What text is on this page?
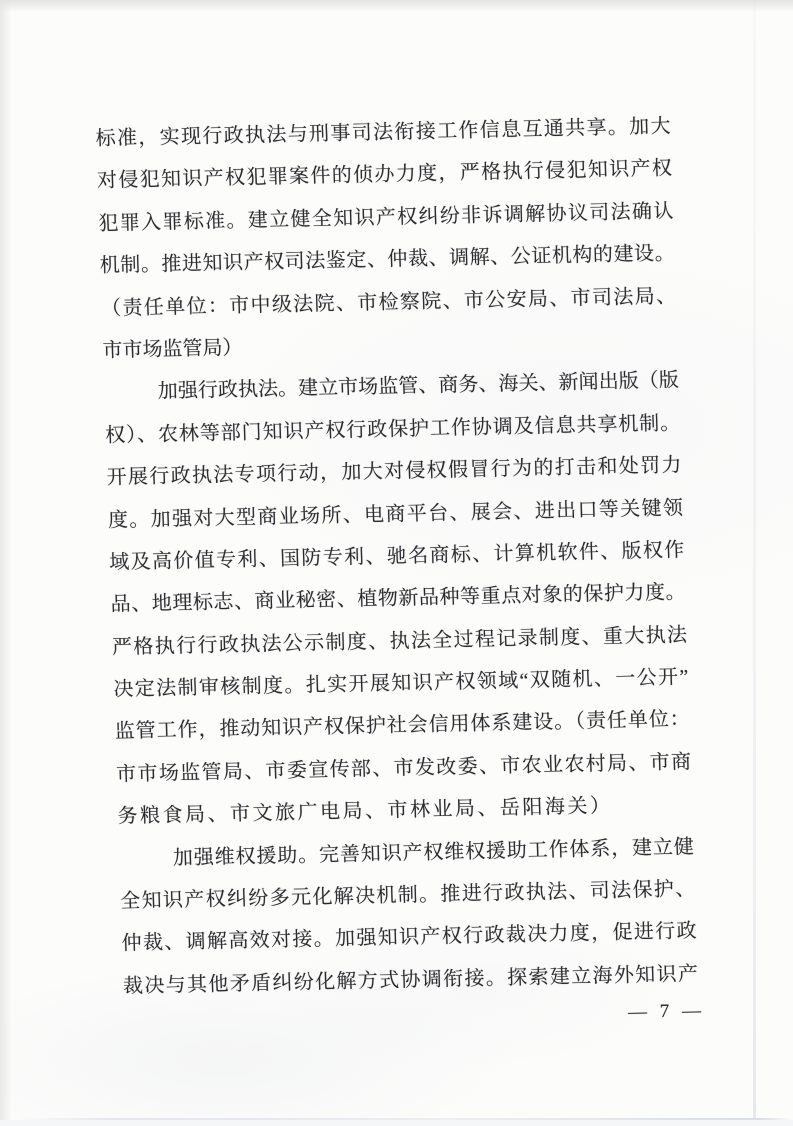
标准，实现行政执法与刑事司法衔接工作信息互通共享。加大
对侵犯知识产权犯罪案件的侦办力度，严格执行侵犯知识产权
犯罪入罪标准。建立健全知识产权纠纷非诉调解协议司法确认
机制。推进知识产权司法鉴定、仲裁、调解、公证机构的建设。
（责任单位：市中级法院、市检察院、市公安局、市司法局、
市市场监管局）
加强行政执法。建立市场监管、商务、海关、新闻出版（版
权）、农林等部门知识产权行政保护工作协调及信息共享机制。
开展行政执法专项行动，加大对侵权假冒行为的打击和处罚力
度。加强对大型商业场所、电商平台、展会、进出口等关键领
域及高价值专利、国防专利、驰名商标、计算机软件、版权作
品、地理标志、商业秘密、植物新品种等重点对象的保护力度。
严格执行行政执法公示制度、执法全过程记录制度、重大执法
决定法制审核制度。扎实开展知识产权领域“双随机、一公开”
监管工作，推动知识产权保护社会信用体系建设。（责任单位：
市市场监管局、市委宣传部、市发改委、市农业农村局、市商
务粮食局、市文旅广电局、市林业局、岳阳海关）
加强维权援助。完善知识产权维权援助工作体系，建立健
全知识产权纠纷多元化解决机制。推进行政执法、司法保护、
仲裁、调解高效对接。加强知识产权行政裁决力度，促进行政
裁决与其他矛盾纠纷化解方式协调衔接。探索建立海外知识产
— 7 —
